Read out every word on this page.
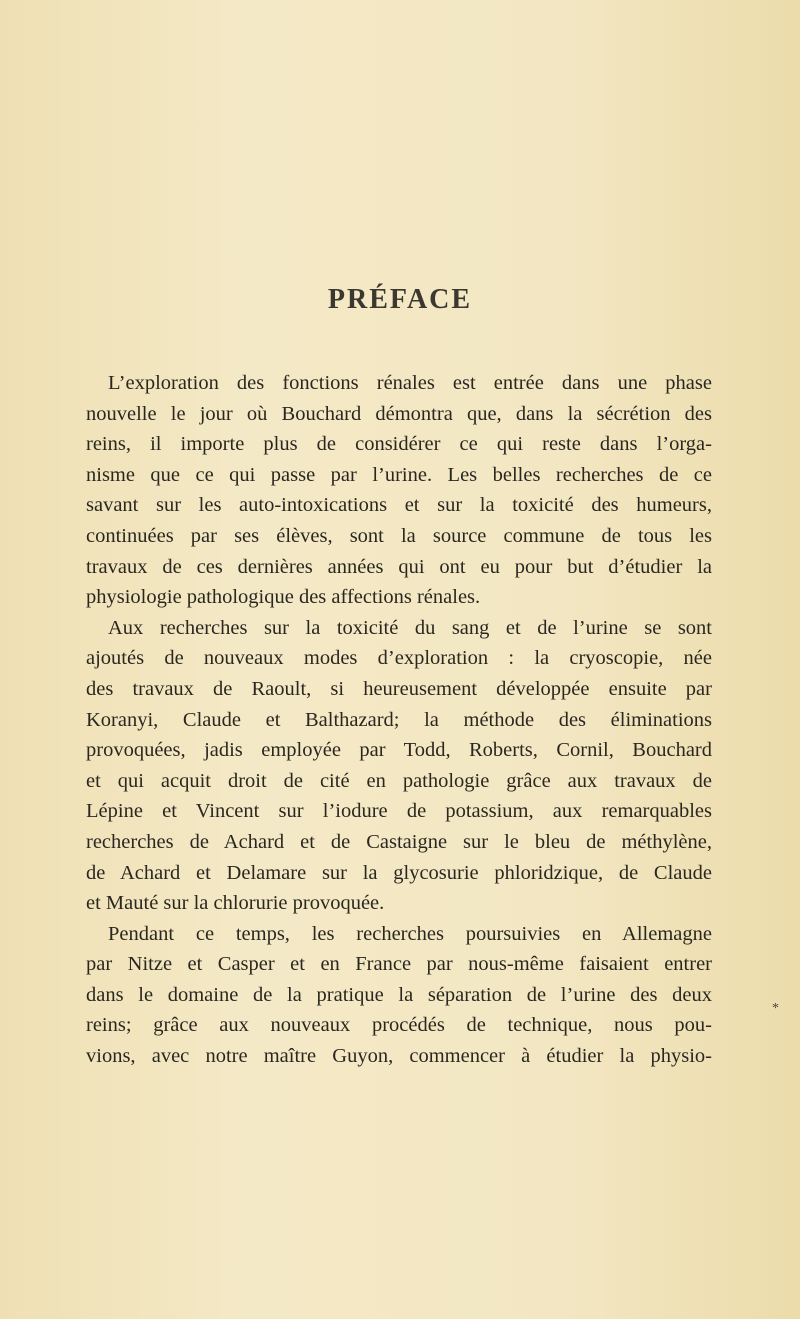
PRÉFACE
L’exploration des fonctions rénales est entrée dans une phase
nouvelle le jour où Bouchard démontra que, dans la sécrétion des
reins, il importe plus de considérer ce qui reste dans l’orga-
nisme que ce qui passe par l’urine. Les belles recherches de ce
savant sur les auto-intoxications et sur la toxicité des humeurs,
continuées par ses élèves, sont la source commune de tous les
travaux de ces dernières années qui ont eu pour but d’étudier la
physiologie pathologique des affections rénales.
Aux recherches sur la toxicité du sang et de l’urine se sont
ajoutés de nouveaux modes d’exploration : la cryoscopie, née
des travaux de Raoult, si heureusement développée ensuite par
Koranyi, Claude et Balthazard; la méthode des éliminations
provoquées, jadis employée par Todd, Roberts, Cornil, Bouchard
et qui acquit droit de cité en pathologie grâce aux travaux de
Lépine et Vincent sur l’iodure de potassium, aux remarquables
recherches de Achard et de Castaigne sur le bleu de méthylène,
de Achard et Delamare sur la glycosurie phloridzique, de Claude
et Mauté sur la chlorurie provoquée.
Pendant ce temps, les recherches poursuivies en Allemagne
par Nitze et Casper et en France par nous-même faisaient entrer
dans le domaine de la pratique la séparation de l’urine des deux
reins; grâce aux nouveaux procédés de technique, nous pou-
vions, avec notre maître Guyon, commencer à étudier la physio-
*
